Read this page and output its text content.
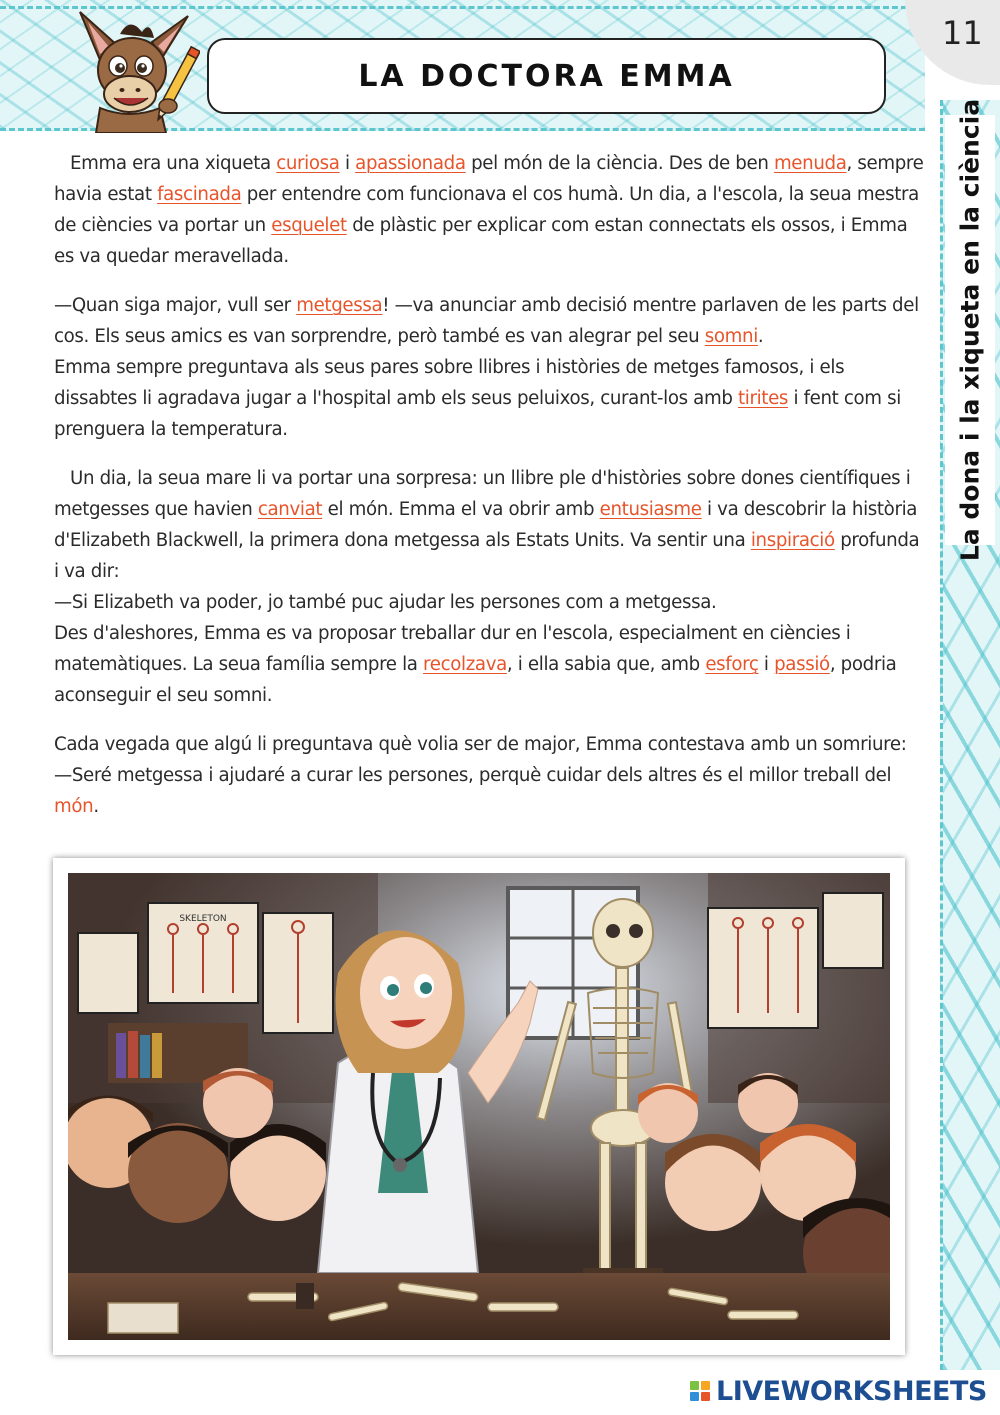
LA DOCTORA EMMA
11
La dona i la xiqueta en la ciència

Emma era una xiqueta curiosa i apassionada pel món de la ciència. Des de ben menuda, sempre havia estat fascinada per entendre com funcionava el cos humà. Un dia, a l'escola, la seua mestra de ciències va portar un esquelet de plàstic per explicar com estan connectats els ossos, i Emma es va quedar meravellada.

—Quan siga major, vull ser metgessa! —va anunciar amb decisió mentre parlaven de les parts del cos. Els seus amics es van sorprendre, però també es van alegrar pel seu somni.
Emma sempre preguntava als seus pares sobre llibres i històries de metges famosos, i els dissabtes li agradava jugar a l'hospital amb els seus peluixos, curant-los amb tirites i fent com si prenguera la temperatura.

Un dia, la seua mare li va portar una sorpresa: un llibre ple d'històries sobre dones científiques i metgesses que havien canviat el món. Emma el va obrir amb entusiasme i va descobrir la història d'Elizabeth Blackwell, la primera dona metgessa als Estats Units. Va sentir una inspiració profunda i va dir:
—Si Elizabeth va poder, jo també puc ajudar les persones com a metgessa.
Des d'aleshores, Emma es va proposar treballar dur en l'escola, especialment en ciències i matemàtiques. La seua família sempre la recolzava, i ella sabia que, amb esforç i passió, podria aconseguir el seu somni.

Cada vegada que algú li preguntava què volia ser de major, Emma contestava amb un somriure:
—Seré metgessa i ajudaré a curar les persones, perquè cuidar dels altres és el millor treball del món.

SKELETON
LIVEWORKSHEETS
